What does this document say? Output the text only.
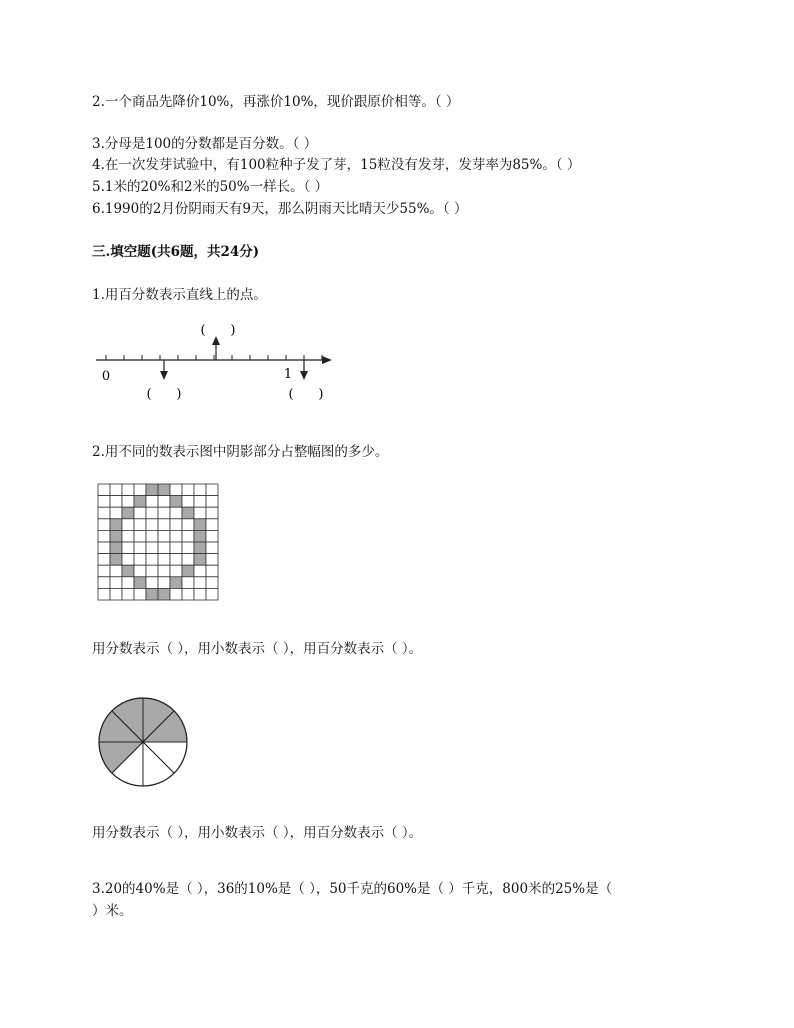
2.一个商品先降价10%，再涨价10%，现价跟原价相等。（ ）
3.分母是100的分数都是百分数。（ ）
4.在一次发芽试验中，有100粒种子发了芽，15粒没有发芽，发芽率为85%。（ ）
5.1米的20%和2米的50%一样长。（ ）
6.1990的2月份阴雨天有9天，那么阴雨天比晴天少55%。（ ）
三.填空题(共6题，共24分)
1.用百分数表示直线上的点。
0	1
(      )
(      )	(      )
2.用不同的数表示图中阴影部分占整幅图的多少。
用分数表示（ ），用小数表示（ ），用百分数表示（ ）。
用分数表示（ ），用小数表示（ ），用百分数表示（ ）。
3.20的40%是（ ），36的10%是（ ），50千克的60%是（ ）千克，800米的25%是（
）米。
